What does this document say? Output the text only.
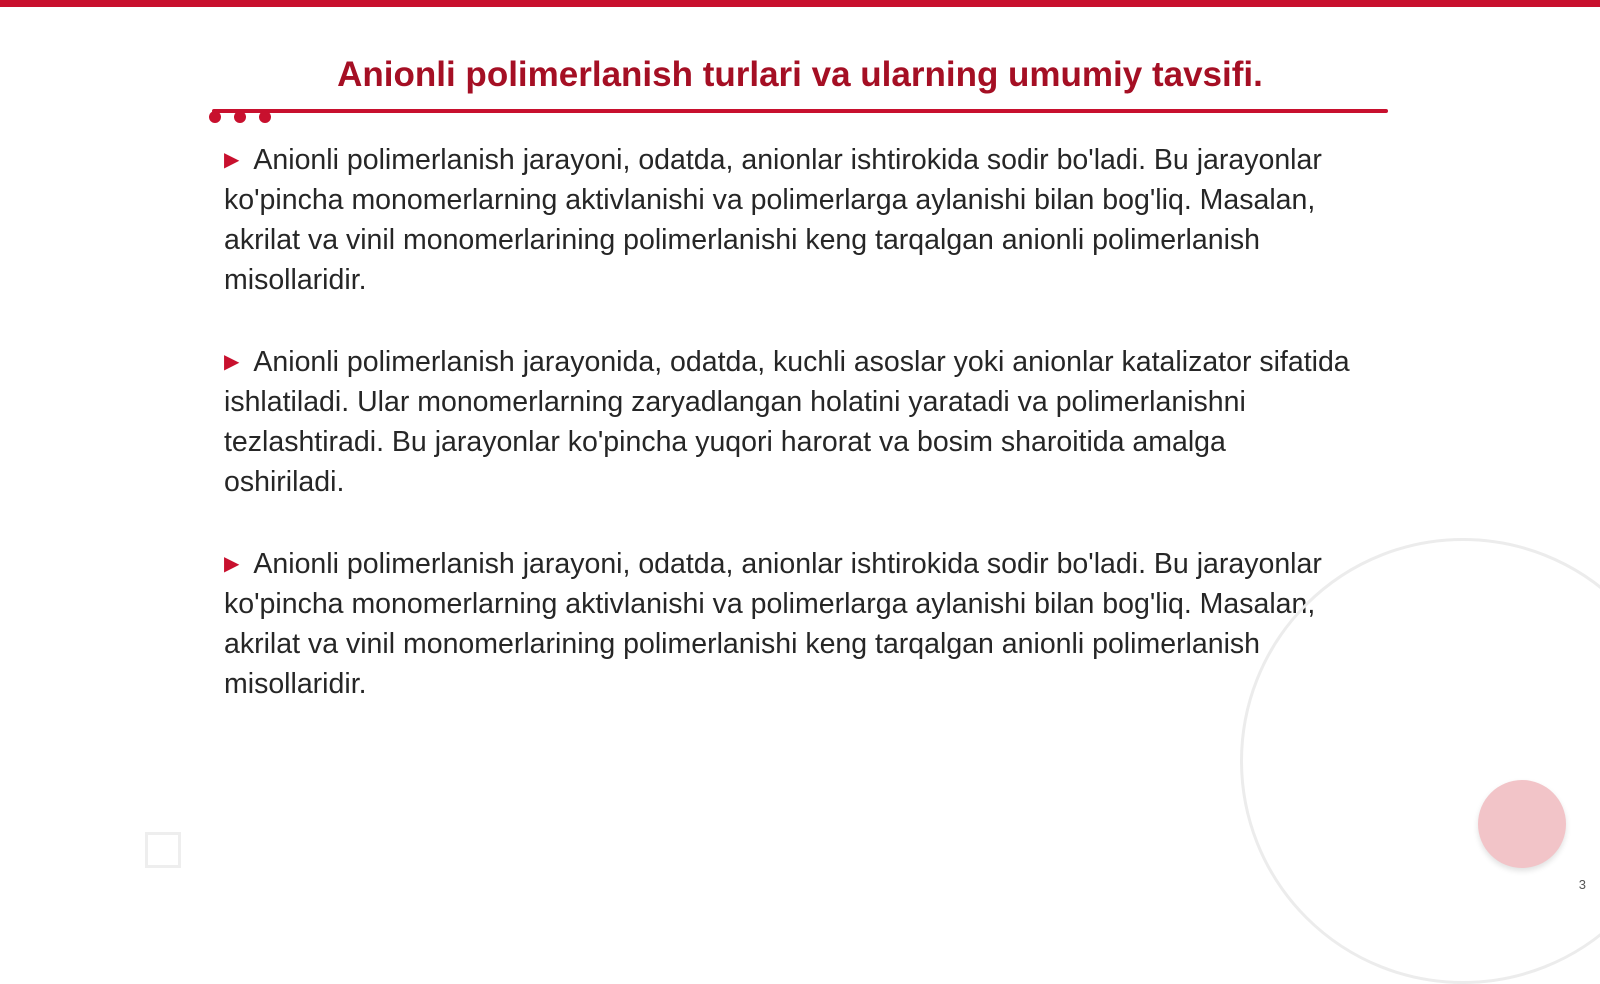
Anionli polimerlanish turlari va ularning umumiy tavsifi.
▶ Anionli polimerlanish jarayoni, odatda, anionlar ishtirokida sodir bo'ladi. Bu jarayonlar ko'pincha monomerlarning aktivlanishi va polimerlarga aylanishi bilan bog'liq. Masalan, akrilat va vinil monomerlarining polimerlanishi keng tarqalgan anionli polimerlanish misollaridir.
▶ Anionli polimerlanish jarayonida, odatda, kuchli asoslar yoki anionlar katalizator sifatida ishlatiladi. Ular monomerlarning zaryadlangan holatini yaratadi va polimerlanishni tezlashtiradi. Bu jarayonlar ko'pincha yuqori harorat va bosim sharoitida amalga oshiriladi.
▶ Anionli polimerlanish jarayoni, odatda, anionlar ishtirokida sodir bo'ladi. Bu jarayonlar ko'pincha monomerlarning aktivlanishi va polimerlarga aylanishi bilan bog'liq. Masalan, akrilat va vinil monomerlarining polimerlanishi keng tarqalgan anionli polimerlanish misollaridir.
3
